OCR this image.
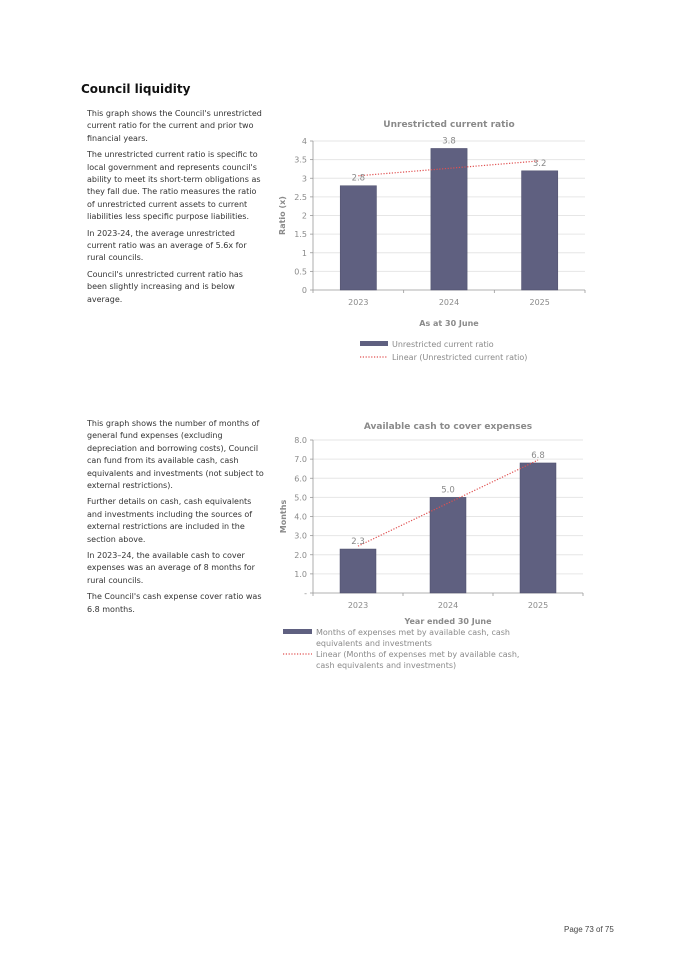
Council liquidity

This graph shows the Council's unrestricted current ratio for the current and prior two financial years.

The unrestricted current ratio is specific to local government and represents council's ability to meet its short-term obligations as they fall due. The ratio measures the ratio of unrestricted current assets to current liabilities less specific purpose liabilities.

In 2023-24, the average unrestricted current ratio was an average of 5.6x for rural councils.

Council's unrestricted current ratio has been slightly increasing and is below average.

This graph shows the number of months of general fund expenses (excluding depreciation and borrowing costs), Council can fund from its available cash, cash equivalents and investments (not subject to external restrictions).

Further details on cash, cash equivalents and investments including the sources of external restrictions are included in the section above.

In 2023–24, the available cash to cover expenses was an average of 8 months for rural councils.

The Council's cash expense cover ratio was 6.8 months.

Unrestricted current ratio
0
0.5
1
1.5
2
2.5
3
3.5
4
2023	2024	2025
2.8
3.8
3.2
Ratio (x)
As at 30 June
Unrestricted current ratio
Linear (Unrestricted current ratio)
Available cash to cover expenses
-
1.0
2.0
3.0
4.0
5.0
6.0
7.0
8.0
2023	2024	2025
2.3
5.0
6.8
Months
Year ended 30 June
Months of expenses met by available cash, cash equivalents and investments
Linear (Months of expenses met by available cash, cash equivalents and investments)
Page 73 of 75
